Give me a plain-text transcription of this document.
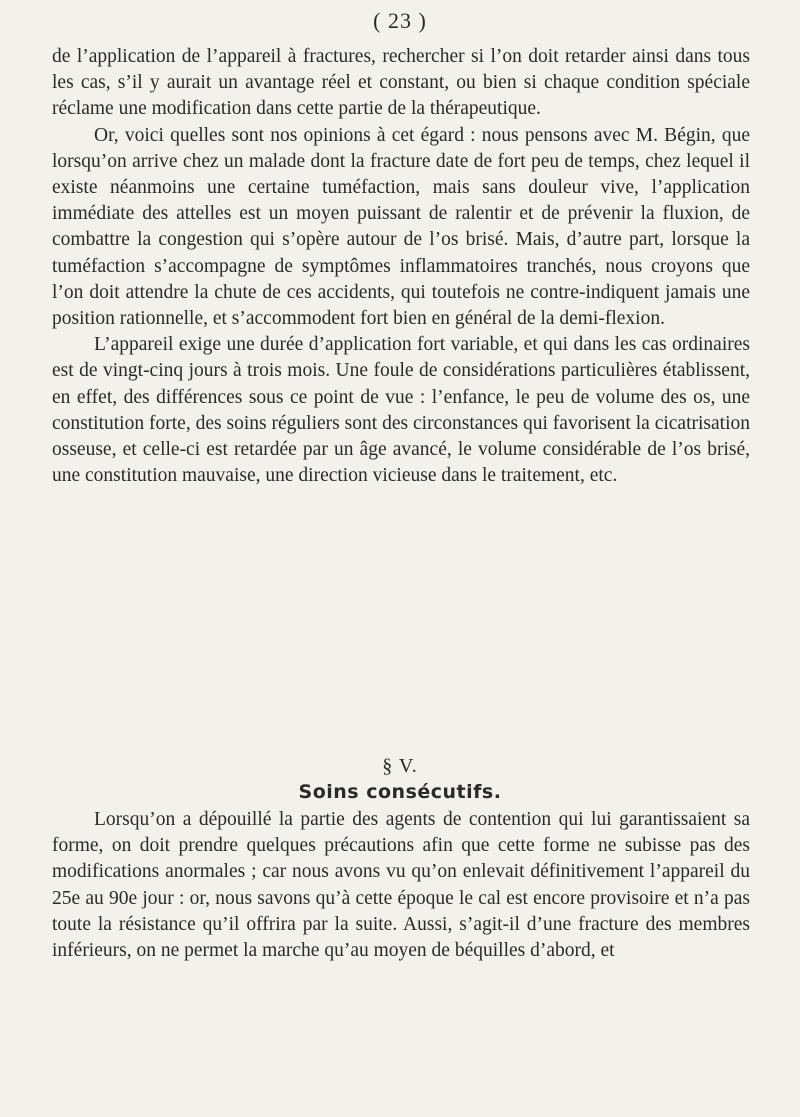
( 23 )

de l’application de l’appareil à fractures, rechercher si l’on doit retarder ainsi dans tous les cas, s’il y aurait un avantage réel et constant, ou bien si chaque condition spéciale réclame une modification dans cette partie de la thérapeutique.

Or, voici quelles sont nos opinions à cet égard : nous pensons avec M. Bégin, que lorsqu’on arrive chez un malade dont la fracture date de fort peu de temps, chez lequel il existe néanmoins une certaine tuméfaction, mais sans douleur vive, l’application immédiate des attelles est un moyen puissant de ralentir et de prévenir la fluxion, de combattre la congestion qui s’opère autour de l’os brisé. Mais, d’autre part, lorsque la tuméfaction s’accompagne de symptômes inflammatoires tranchés, nous croyons que l’on doit attendre la chute de ces accidents, qui toutefois ne contre-indiquent jamais une position rationnelle, et s’accommodent fort bien en général de la demi-flexion.

L’appareil exige une durée d’application fort variable, et qui dans les cas ordinaires est de vingt-cinq jours à trois mois. Une foule de considérations particulières établissent, en effet, des différences sous ce point de vue : l’enfance, le peu de volume des os, une constitution forte, des soins réguliers sont des circonstances qui favorisent la cicatrisation osseuse, et celle-ci est retardée par un âge avancé, le volume considérable de l’os brisé, une constitution mauvaise, une direction vicieuse dans le traitement, etc.

§ V.
Soins consécutifs.

Lorsqu’on a dépouillé la partie des agents de contention qui lui garantissaient sa forme, on doit prendre quelques précautions afin que cette forme ne subisse pas des modifications anormales ; car nous avons vu qu’on enlevait définitivement l’appareil du 25e au 90e jour : or, nous savons qu’à cette époque le cal est encore provisoire et n’a pas toute la résistance qu’il offrira par la suite. Aussi, s’agit-il d’une fracture des membres inférieurs, on ne permet la marche qu’au moyen de béquilles d’abord, et
